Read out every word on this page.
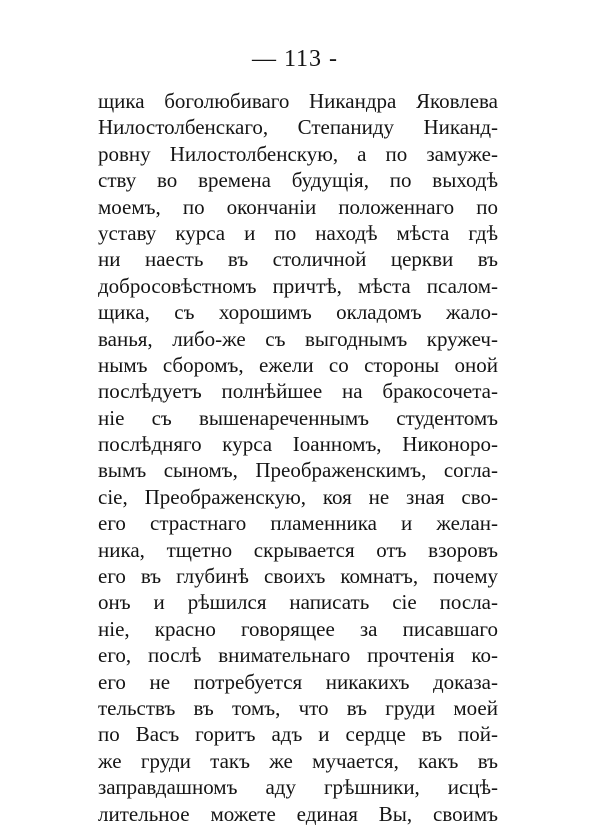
— 113 -
щика боголюбиваго Никандра Яковлева
Нилостолбенскаго, Степаниду Никанд-
ровну Нилостолбенскую, а по замуже-
ству во времена будущія, по выходѣ
моемъ, по окончаніи положеннаго по
уставу курса и по находѣ мѣста гдѣ
ни наесть въ столичной церкви въ
добросовѣстномъ причтѣ, мѣста псалом-
щика, съ хорошимъ окладомъ жало-
ванья, либо-же съ выгоднымъ кружеч-
нымъ сборомъ, ежели со стороны оной
послѣдуетъ полнѣйшее на бракосочета-
ніе съ вышенареченнымъ студентомъ
послѣдняго курса Іоанномъ, Никоноро-
вымъ сыномъ, Преображенскимъ, согла-
сіе, Преображенскую, коя не зная сво-
его страстнаго пламенника и желан-
ника, тщетно скрывается отъ взоровъ
его въ глубинѣ своихъ комнатъ, почему
онъ и рѣшился написать сіе посла-
ніе, красно говорящее за писавшаго
его, послѣ внимательнаго прочтенія ко-
его не потребуется никакихъ доказа-
тельствъ въ томъ, что въ груди моей
по Васъ горитъ адъ и сердце въ пой-
же груди такъ же мучается, какъ въ
заправдашномъ аду грѣшники, исцѣ-
лительное можете единая Вы, своимъ
